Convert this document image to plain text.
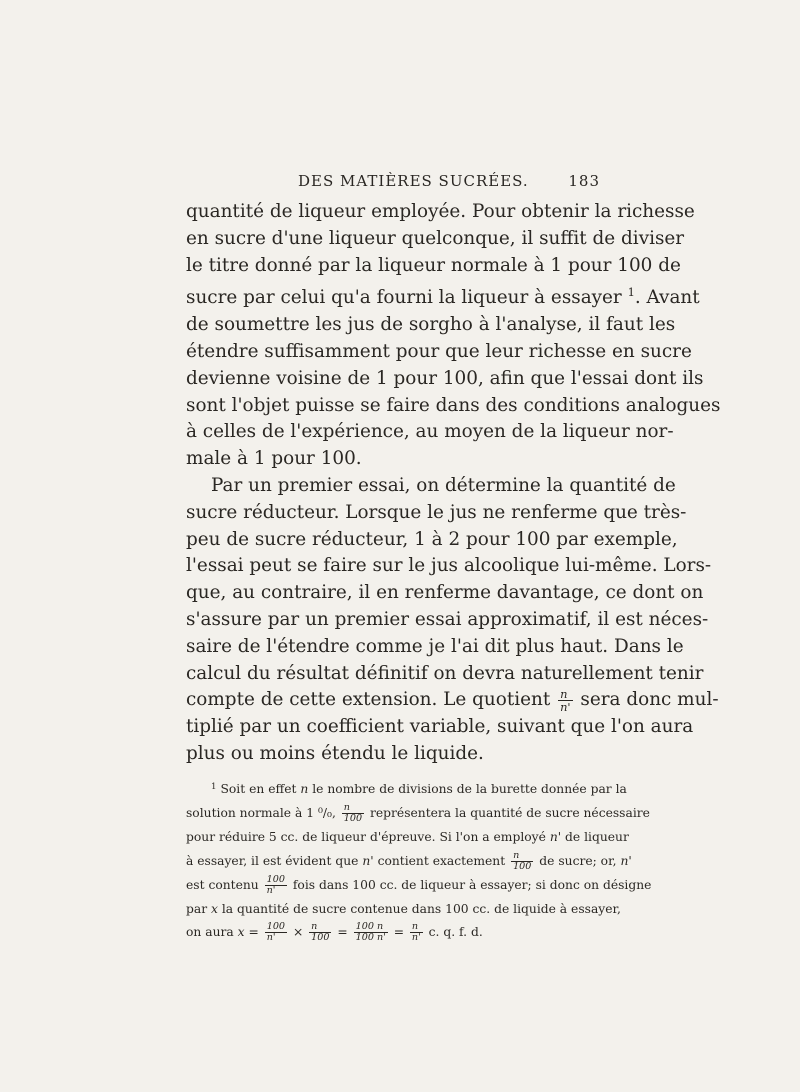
DES MATIÈRES SUCRÉES.	183
quantité de liqueur employée. Pour obtenir la richesse
en sucre d'une liqueur quelconque, il suffit de diviser
le titre donné par la liqueur normale à 1 pour 100 de
sucre par celui qu'a fourni la liqueur à essayer $^1$. Avant
de soumettre les jus de sorgho à l'analyse, il faut les
étendre suffisamment pour que leur richesse en sucre
devienne voisine de 1 pour 100, afin que l'essai dont ils
sont l'objet puisse se faire dans des conditions analogues
à celles de l'expérience, au moyen de la liqueur nor-
male à 1 pour 100.
Par un premier essai, on détermine la quantité de
sucre réducteur. Lorsque le jus ne renferme que très-
peu de sucre réducteur, 1 à 2 pour 100 par exemple,
l'essai peut se faire sur le jus alcoolique lui-même. Lors-
que, au contraire, il en renferme davantage, ce dont on
s'assure par un premier essai approximatif, il est néces-
saire de l'étendre comme je l'ai dit plus haut. Dans le
calcul du résultat définitif on devra naturellement tenir
compte de cette extension. Le quotient $\frac{n}{n'}$ sera donc mul-
tiplié par un coefficient variable, suivant que l'on aura
plus ou moins étendu le liquide.
$^1$ Soit en effet n le nombre de divisions de la burette donnée par la
solution normale à 1 ⁰/₀, $\frac{n}{100}$ représentera la quantité de sucre nécessaire
pour réduire 5 cc. de liqueur d'épreuve. Si l'on a employé n' de liqueur
à essayer, il est évident que n' contient exactement $\frac{n}{100}$ de sucre; or, n'
est contenu $\frac{100}{n'}$ fois dans 100 cc. de liqueur à essayer; si donc on désigne
par x la quantité de sucre contenue dans 100 cc. de liquide à essayer,
on aura $x = \frac{100}{n'} \times \frac{n}{100} = \frac{100 n}{100 n'} = \frac{n}{n'} c$. q. f. d.
